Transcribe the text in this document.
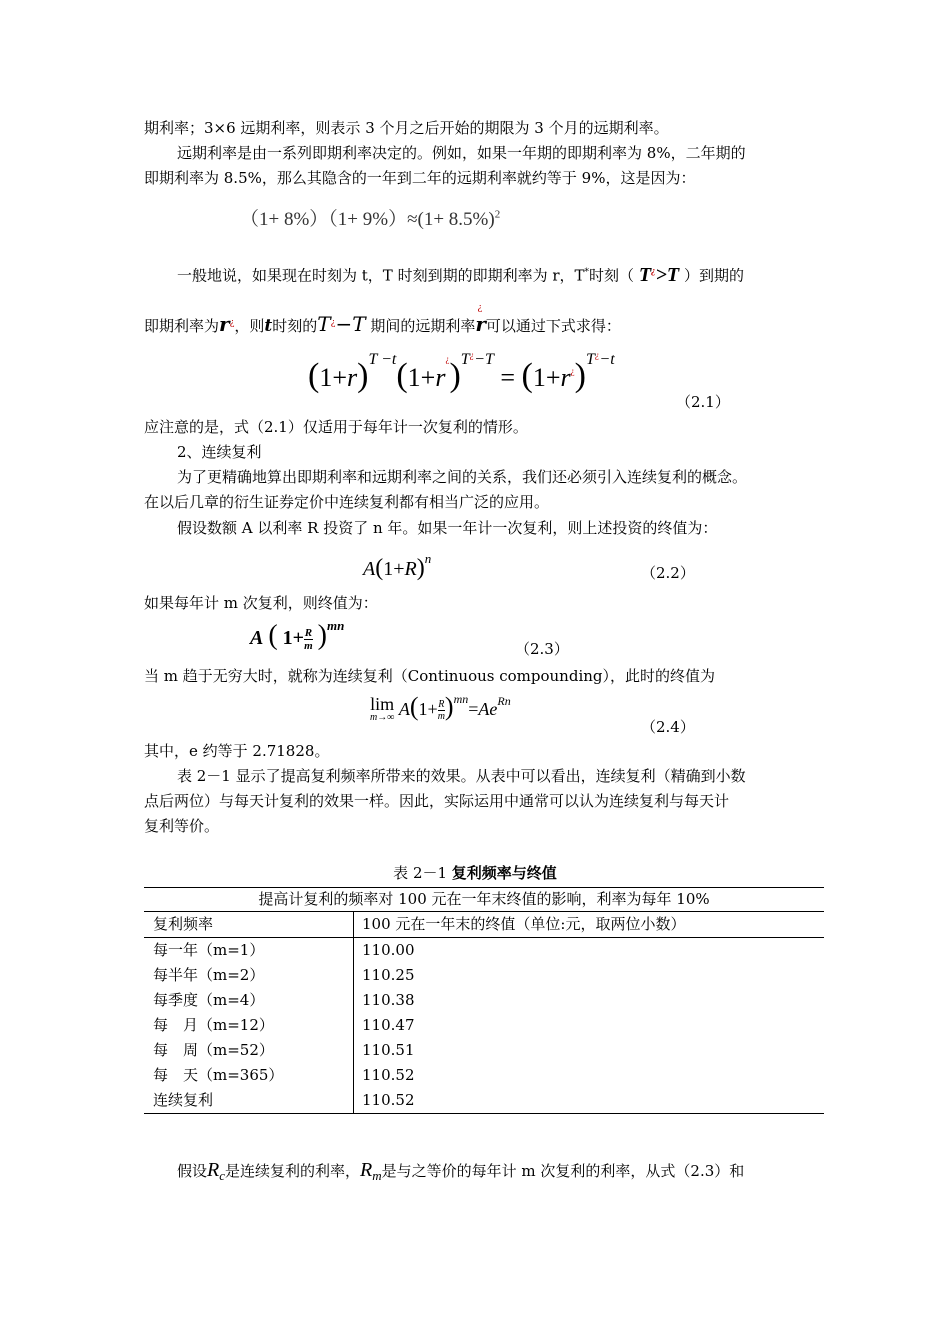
期利率；3×6 远期利率，则表示 3 个月之后开始的期限为 3 个月的远期利率。
远期利率是由一系列即期利率决定的。例如，如果一年期的即期利率为 8%，二年期的
即期利率为 8.5%，那么其隐含的一年到二年的远期利率就约等于 9%，这是因为：
$(1+ 8\%)(1+ 9\%)\approx(1+ 8.5\%)^2$
一般地说，如果现在时刻为 t，T 时刻到期的即期利率为 r，T*时刻（ T¿>T ）到期的
即期利率为r¿，则t时刻的T¿−T 期间的远期利率
¿
r可以通过下式求得：
$(1+r)^{T -t}(1+r^¿)^{T^¿-T} = (1+r^¿)^{T^¿-t}$
（2.1）
应注意的是，式（2.1）仅适用于每年计一次复利的情形。
2、连续复利
为了更精确地算出即期利率和远期利率之间的关系，我们还必须引入连续复利的概念。
在以后几章的衍生证券定价中连续复利都有相当广泛的应用。
假设数额 A 以利率 R 投资了 n 年。如果一年计一次复利，则上述投资的终值为：
$A(1+R)^n$
（2.2）
如果每年计 m 次复利，则终值为：
A ( $1+ \frac{R}{m} )^{mn}$
（2.3）
当 m 趋于无穷大时，就称为连续复利（Continuous compounding），此时的终值为
lim
m→∞ $A(1+ \frac{R}{m} )^{mn}=Ae^{Rn}$
（2.4）
其中，e 约等于 2.71828。
表 2－1 显示了提高复利频率所带来的效果。从表中可以看出，连续复利（精确到小数
点后两位）与每天计复利的效果一样。因此，实际运用中通常可以认为连续复利与每天计
复利等价。
表 2－1 复利频率与终值
提高计复利的频率对 100 元在一年末终值的影响，利率为每年 10%
复利频率	100 元在一年末的终值（单位:元，取两位小数）
每一年（m=1）	110.00
每半年（m=2）	110.25
每季度（m=4）	110.38
每　月（m=12）	110.47
每　周（m=52）	110.51
每　天（m=365）	110.52
连续复利	110.52
假设$R_c$是连续复利的利率，$R_m$是与之等价的每年计 m 次复利的利率，从式（2.3）和
